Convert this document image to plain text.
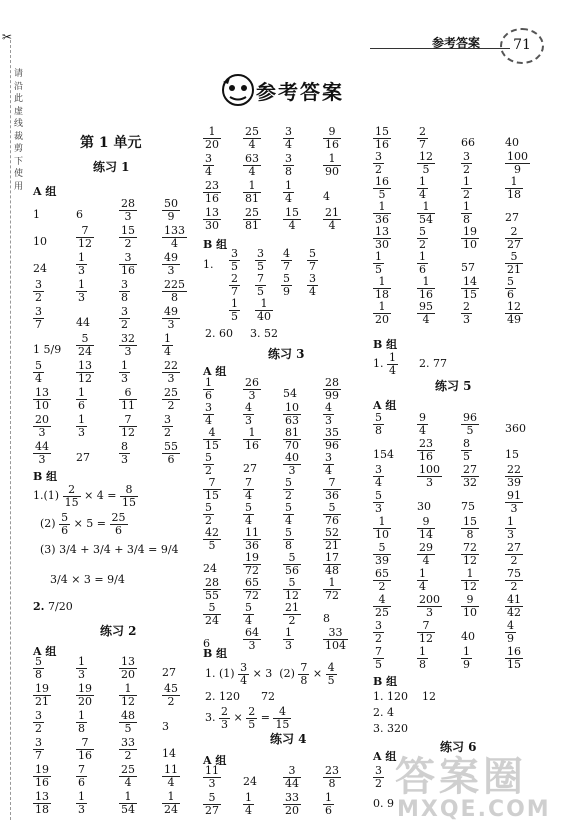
参考答案	71
✂
请沿此虚线裁剪下使用
参考答案
第 1 单元
练习 1
A 组
1	6	$\frac{28}{3} \frac{50}{9}$
10	$\frac{7}{12} \frac{15}{2} \frac{133}{4}$
24	$\frac{1}{3}$	$\frac{3}{16} \frac{49}{3}$
$\frac{3}{2}$	$\frac{1}{3}$	$\frac{3}{8}$	$\frac{225}{8}$
$\frac{3}{7}$	44	$\frac{3}{2}$	$\frac{49}{3}$
1 $5/9 \frac{5}{24} \frac{32}{3} \frac{1}{4}$
$\frac{5}{4}$	$\frac{13}{12} \frac{1}{3}$	$\frac{22}{3}$
$\frac{13}{10} \frac{1}{6}$	$\frac{6}{11} \frac{25}{2}$
$\frac{20}{3} \frac{1}{3}$	$\frac{7}{12} \frac{3}{2}$
$\frac{44}{3} 27$	$\frac{8}{3}$	$\frac{55}{6}$
B 组
$1.(1) \frac{2}{15} \times 4 = \frac{8}{15}$
$(2) \frac{5}{6} \times 5 = \frac{25}{6}$
(3) 3/4 + 3/4 + 3/4 = 9/4
3/4 × 3 = 9/4
2. 7/20
练习 2
A 组
$\frac{5}{8}$	$\frac{1}{3}$	$\frac{13}{20} 27$
$\frac{19}{21} \frac{19}{20} \frac{1}{12} \frac{45}{2}$
$\frac{3}{2}$	$\frac{1}{8}$	$\frac{48}{5} 3$
$\frac{3}{7}$	$\frac{7}{16} \frac{33}{2} 14$
$\frac{19}{16} \frac{7}{6}$	$\frac{25}{4} \frac{11}{4}$
$\frac{13}{18} \frac{1}{3}$	$\frac{1}{54} \frac{1}{24}$
$\frac{1}{20} \frac{25}{4} \frac{3}{4}$	$\frac{9}{16}$
$\frac{3}{4}$	$\frac{63}{4} \frac{3}{8}$	$\frac{1}{90}$
$\frac{23}{16} \frac{1}{81} \frac{1}{4}$	4
$\frac{13}{30} \frac{25}{81} \frac{15}{4} \frac{21}{4}$
B 组
1. $\frac{3}{5} \frac{3}{5} \frac{4}{7} \frac{5}{7}$
$\frac{2}{7} \frac{7}{5} \frac{5}{9} \frac{3}{4}$
$\frac{1}{5} \frac{1}{40}$
2. 60 3. 52
练习 3
A 组
$\frac{1}{6}$	$\frac{26}{3} 54 \frac{28}{99}$
$\frac{3}{4}$	$\frac{4}{3}$	$\frac{10}{63} \frac{4}{3}$
$\frac{4}{15} \frac{1}{16} \frac{81}{70} \frac{35}{96}$
$\frac{5}{2}$	$27 \frac{40}{3} \frac{3}{4}$
$\frac{7}{15} \frac{7}{4}$	$\frac{5}{2}$	$\frac{7}{36}$
$\frac{5}{2}$	$\frac{5}{4}$	$\frac{5}{4}$	$\frac{5}{76}$
$\frac{42}{5} \frac{11}{36} \frac{5}{8}$	$\frac{52}{21}$
$24 \frac{19}{72} \frac{5}{56} \frac{17}{48}$
$\frac{28}{55} \frac{65}{72} \frac{5}{12} \frac{1}{72}$
$\frac{5}{24} \frac{5}{4}$	$\frac{21}{2} 8$
6	$\frac{64}{3} \frac{1}{3}$	$\frac{33}{104}$
B 组
1. $(1) \frac{3}{4} \times 3$  $(2) \frac{7}{8} \times \frac{4}{5}$
2. 120 72
3. $\frac{2}{3} \times \frac{2}{5} = \frac{4}{15}$
练习 4
A 组
$\frac{11}{3} 24 \frac{3}{44} \frac{23}{8}$
$\frac{5}{27} \frac{1}{4}$	$\frac{33}{20} \frac{1}{6}$
$\frac{15}{16} \frac{2}{7}$	66	40
$\frac{3}{2}$	$\frac{12}{5} \frac{3}{2}$	$\frac{100}{9}$
$\frac{16}{5} \frac{1}{4}$	$\frac{1}{2}$	$\frac{1}{18}$
$\frac{1}{36} \frac{1}{54} \frac{1}{8}$	27
$\frac{13}{30} \frac{5}{2}$	$\frac{19}{10} \frac{2}{27}$
$\frac{1}{5}$	$\frac{1}{6}$	57	$\frac{5}{21}$
$\frac{1}{18} \frac{1}{16} \frac{14}{15} \frac{5}{6}$
$\frac{1}{20} \frac{95}{4} \frac{2}{3}$	$\frac{12}{49}$
B 组
1. $\frac{1}{4} 2$. 77
练习 5
A 组
$\frac{5}{8}$	$\frac{9}{4}$	$\frac{96}{5} 360$
$154 \frac{23}{16} \frac{8}{5}$	15
$\frac{3}{4}$	$\frac{100}{3} \frac{27}{32} \frac{22}{39}$
$\frac{5}{3}$	30	75	$\frac{91}{3}$
$\frac{1}{10} \frac{9}{14} \frac{15}{8} \frac{1}{3}$
$\frac{5}{39} \frac{29}{4} \frac{72}{12} \frac{27}{2}$
$\frac{65}{2} \frac{1}{4}$	$\frac{1}{12} \frac{75}{2}$
$\frac{4}{25} \frac{200}{3} \frac{9}{10} \frac{41}{42}$
$\frac{3}{2}$	$\frac{7}{12} 40$	$\frac{4}{9}$
$\frac{7}{5}$	$\frac{1}{8}$	$\frac{1}{9}$	$\frac{16}{15}$
B 组
1. 120 12
2. 4
3. 320
练习 6
A 组
$\frac{3}{2}$
0. 9
答案圈
MXQE.COM
